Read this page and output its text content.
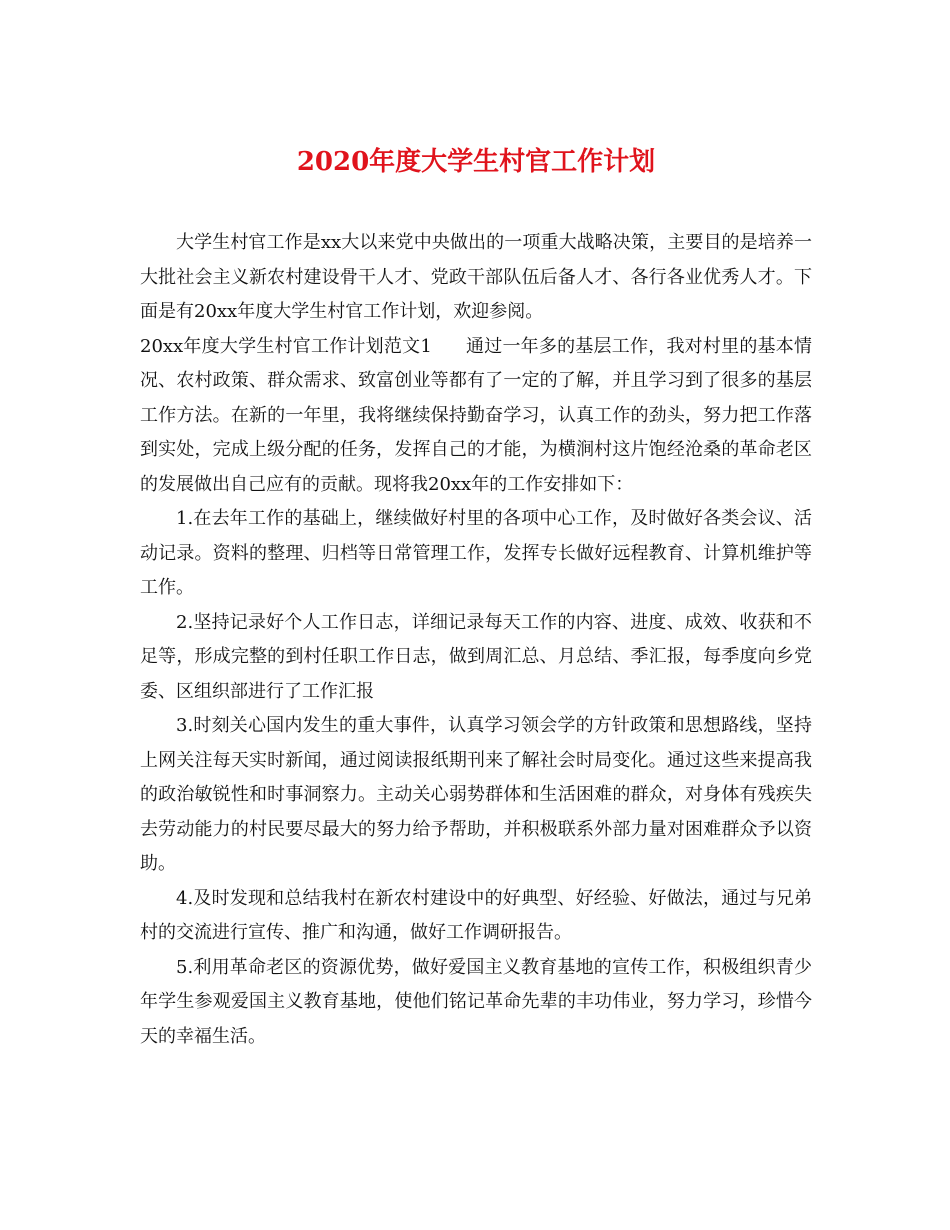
2020年度大学生村官工作计划

大学生村官工作是xx大以来党中央做出的一项重大战略决策，主要目的是培养一大批社会主义新农村建设骨干人才、党政干部队伍后备人才、各行各业优秀人才。下面是有20xx年度大学生村官工作计划，欢迎参阅。

20xx年度大学生村官工作计划范文1 通过一年多的基层工作，我对村里的基本情况、农村政策、群众需求、致富创业等都有了一定的了解，并且学习到了很多的基层工作方法。在新的一年里，我将继续保持勤奋学习，认真工作的劲头，努力把工作落到实处，完成上级分配的任务，发挥自己的才能，为横涧村这片饱经沧桑的革命老区的发展做出自己应有的贡献。现将我20xx年的工作安排如下：

1.在去年工作的基础上，继续做好村里的各项中心工作，及时做好各类会议、活动记录。资料的整理、归档等日常管理工作，发挥专长做好远程教育、计算机维护等工作。

2.坚持记录好个人工作日志，详细记录每天工作的内容、进度、成效、收获和不足等，形成完整的到村任职工作日志，做到周汇总、月总结、季汇报，每季度向乡党委、区组织部进行了工作汇报

3.时刻关心国内发生的重大事件，认真学习领会学的方针政策和思想路线，坚持上网关注每天实时新闻，通过阅读报纸期刊来了解社会时局变化。通过这些来提高我的政治敏锐性和时事洞察力。主动关心弱势群体和生活困难的群众，对身体有残疾失去劳动能力的村民要尽最大的努力给予帮助，并积极联系外部力量对困难群众予以资助。

4.及时发现和总结我村在新农村建设中的好典型、好经验、好做法，通过与兄弟村的交流进行宣传、推广和沟通，做好工作调研报告。

5.利用革命老区的资源优势，做好爱国主义教育基地的宣传工作，积极组织青少年学生参观爱国主义教育基地，使他们铭记革命先辈的丰功伟业，努力学习，珍惜今天的幸福生活。
